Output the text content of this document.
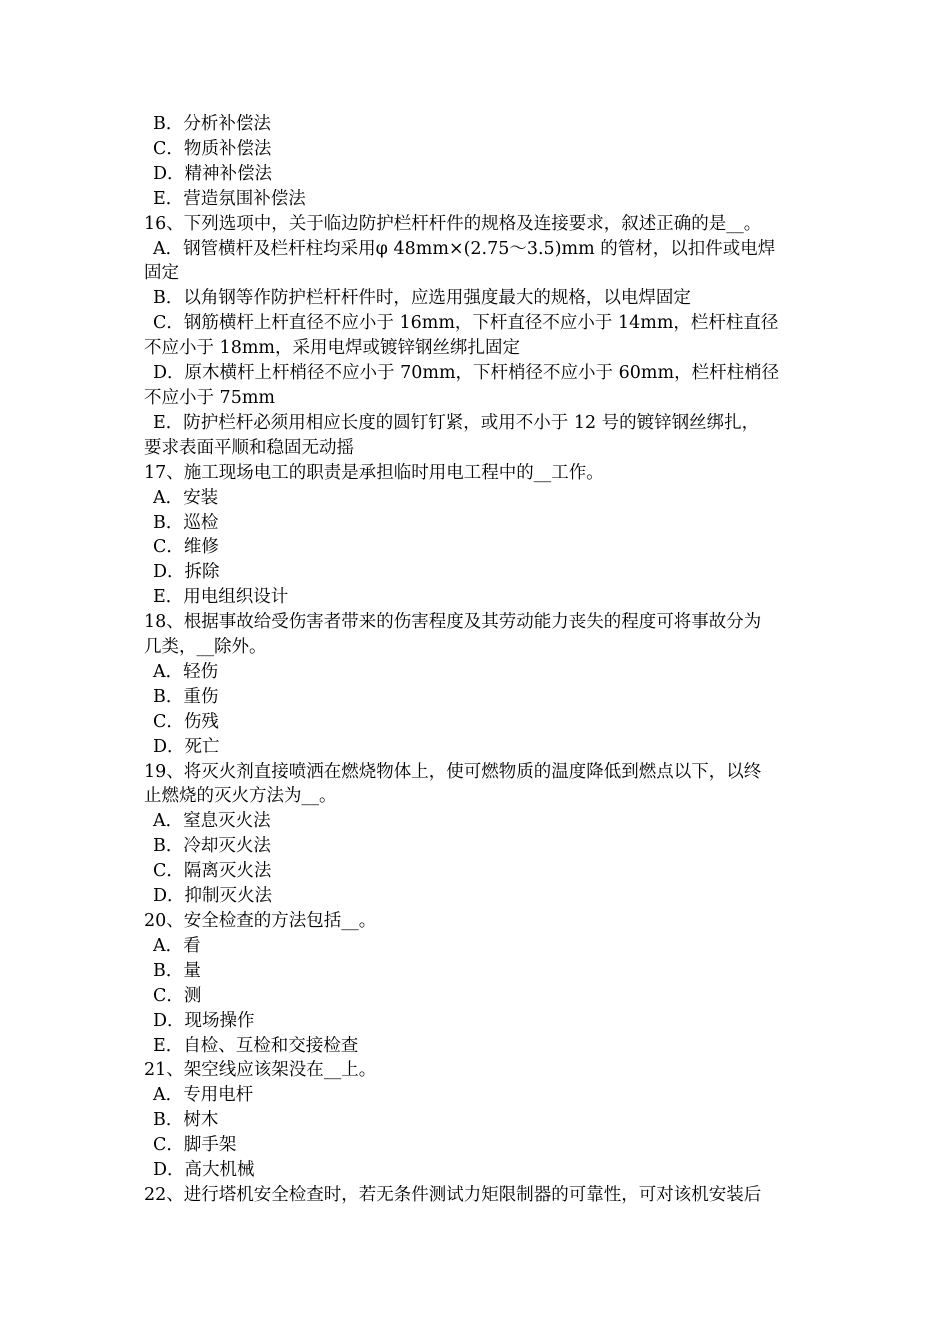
B．分析补偿法
C．物质补偿法
D．精神补偿法
E．营造氛围补偿法
16、下列选项中，关于临边防护栏杆杆件的规格及连接要求，叙述正确的是__。
A．钢管横杆及栏杆柱均采用φ 48mm×(2.75～3.5)mm 的管材，以扣件或电焊
固定
B．以角钢等作防护栏杆杆件时，应选用强度最大的规格，以电焊固定
C．钢筋横杆上杆直径不应小于 16mm，下杆直径不应小于 14mm，栏杆柱直径
不应小于 18mm，采用电焊或镀锌钢丝绑扎固定
D．原木横杆上杆梢径不应小于 70mm，下杆梢径不应小于 60mm，栏杆柱梢径
不应小于 75mm
E．防护栏杆必须用相应长度的圆钉钉紧，或用不小于 12 号的镀锌钢丝绑扎，
要求表面平顺和稳固无动摇
17、施工现场电工的职责是承担临时用电工程中的__工作。
A．安装
B．巡检
C．维修
D．拆除
E．用电组织设计
18、根据事故给受伤害者带来的伤害程度及其劳动能力丧失的程度可将事故分为
几类，__除外。
A．轻伤
B．重伤
C．伤残
D．死亡
19、将灭火剂直接喷洒在燃烧物体上，使可燃物质的温度降低到燃点以下，以终
止燃烧的灭火方法为__。
A．窒息灭火法
B．冷却灭火法
C．隔离灭火法
D．抑制灭火法
20、安全检查的方法包括__。
A．看
B．量
C．测
D．现场操作
E．自检、互检和交接检查
21、架空线应该架没在__上。
A．专用电杆
B．树木
C．脚手架
D．高大机械
22、进行塔机安全检查时，若无条件测试力矩限制器的可靠性，可对该机安装后
